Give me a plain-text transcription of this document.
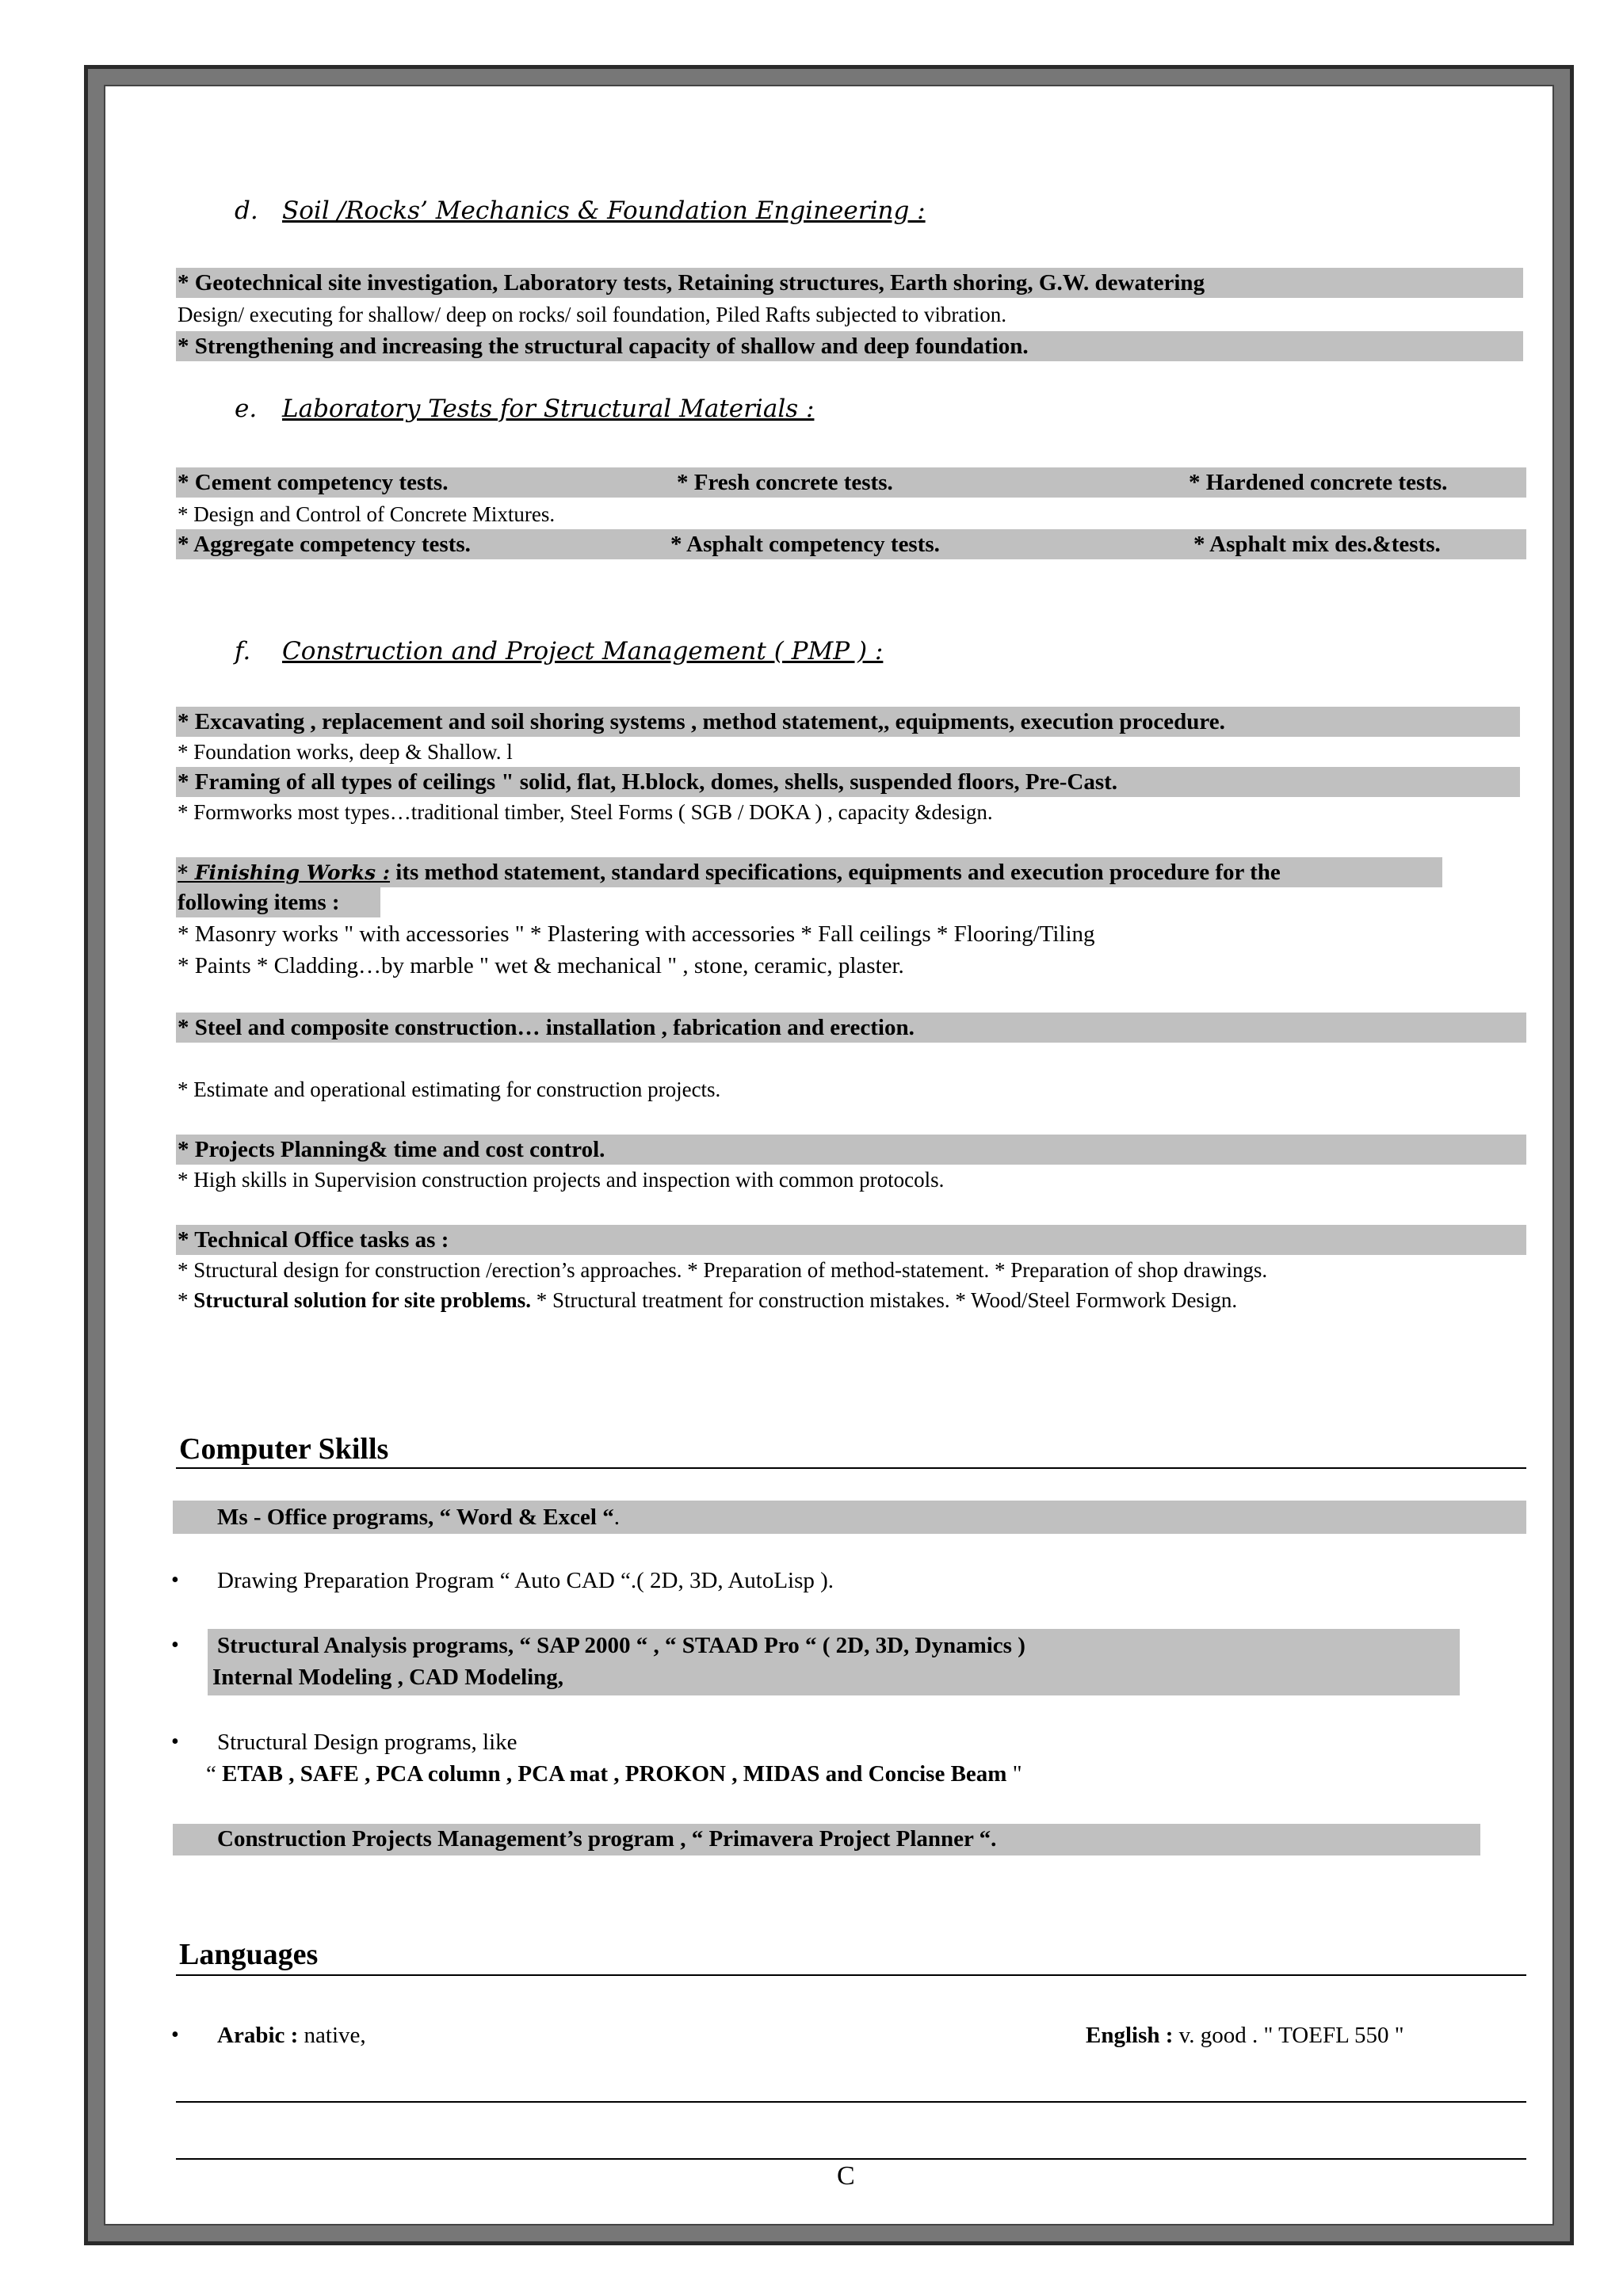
d. Soil /Rocks’ Mechanics & Foundation Engineering :
* Geotechnical site investigation, Laboratory tests, Retaining structures, Earth shoring, G.W. dewatering
Design/ executing for shallow/ deep on rocks/ soil foundation, Piled Rafts subjected to vibration.
* Strengthening and increasing the structural capacity of shallow and deep foundation.
e. Laboratory Tests for Structural Materials :
* Cement competency tests.	* Fresh concrete tests.	* Hardened concrete tests.
* Design and Control of Concrete Mixtures.
* Aggregate competency tests.	* Asphalt competency tests.	* Asphalt mix des.&tests.
f. Construction and Project Management ( PMP ) :
* Excavating , replacement and soil shoring systems , method statement,, equipments, execution procedure.
* Foundation works, deep & Shallow. l
* Framing of all types of ceilings " solid, flat, H.block, domes, shells, suspended floors, Pre-Cast.
* Formworks most types…traditional timber, Steel Forms ( SGB / DOKA ) , capacity &design.
* Finishing Works : its method statement, standard specifications, equipments and execution procedure for the
following items :
* Masonry works " with accessories " * Plastering with accessories * Fall ceilings * Flooring/Tiling
* Paints * Cladding…by marble " wet & mechanical " , stone, ceramic, plaster.
* Steel and composite construction… installation , fabrication and erection.
* Estimate and operational estimating for construction projects.
* Projects Planning& time and cost control.
* High skills in Supervision construction projects and inspection with common protocols.
* Technical Office tasks as :
* Structural design for construction /erection’s approaches. * Preparation of method-statement. * Preparation of shop drawings.
* Structural solution for site problems. * Structural treatment for construction mistakes. * Wood/Steel Formwork Design.
Computer Skills
Ms - Office programs, “ Word & Excel “.
• Drawing Preparation Program “ Auto CAD “.( 2D, 3D, AutoLisp ).
• Structural Analysis programs, “ SAP 2000 “ , “ STAAD Pro “ ( 2D, 3D, Dynamics )
Internal Modeling , CAD Modeling,
• Structural Design programs, like
“ ETAB , SAFE , PCA column , PCA mat , PROKON , MIDAS and Concise Beam "
Construction Projects Management’s program , “ Primavera Project Planner “.
Languages
• Arabic : native,	English : v. good . " TOEFL 550 "
C
